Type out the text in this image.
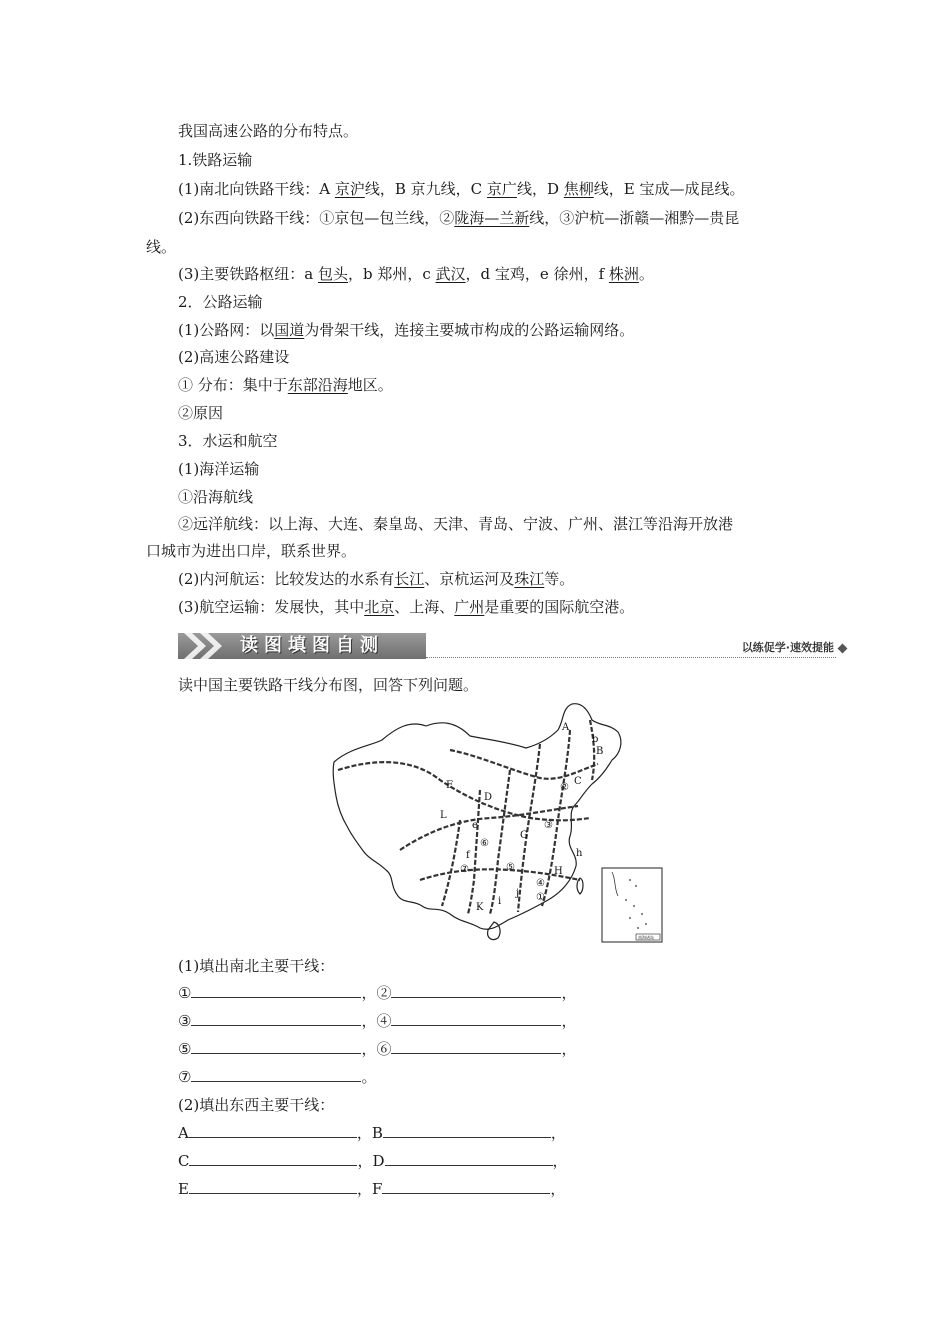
我国高速公路的分布特点。
1.铁路运输
(1)南北向铁路干线：A 京沪线，B 京九线，C 京广线，D 焦柳线，E 宝成—成昆线。
(2)东西向铁路干线：①京包—包兰线，②陇海—兰新线，③沪杭—浙赣—湘黔—贵昆
线。
(3)主要铁路枢纽：a 包头，b 郑州，c 武汉，d 宝鸡，e 徐州，f 株洲。
2．公路运输
(1)公路网：以国道为骨架干线，连接主要城市构成的公路运输网络。
(2)高速公路建设
① 分布：集中于东部沿海地区。
②原因
3．水运和航空
(1)海洋运输
①沿海航线
②远洋航线：以上海、大连、秦皇岛、天津、青岛、宁波、广州、湛江等沿海开放港
口城市为进出口岸，联系世界。
(2)内河航运：比较发达的水系有长江、京杭运河及珠江等。
(3)航空运输：发展快，其中北京、上海、广州是重要的国际航空港。
读图填图自测	以练促学·速效提能
读中国主要铁路干线分布图，回答下列问题。
A
b
B
C
F
D
②
③
L
e
⑥
G
⑦
f
⑤
h
H
①
④
i
j
K
南海诸岛
(1)填出南北主要干线：
①	，②	，
③	，④	，
⑤	，⑥	，
⑦	。
(2)填出东西主要干线：
A	，B	，
C	，D	，
E	，F	，
